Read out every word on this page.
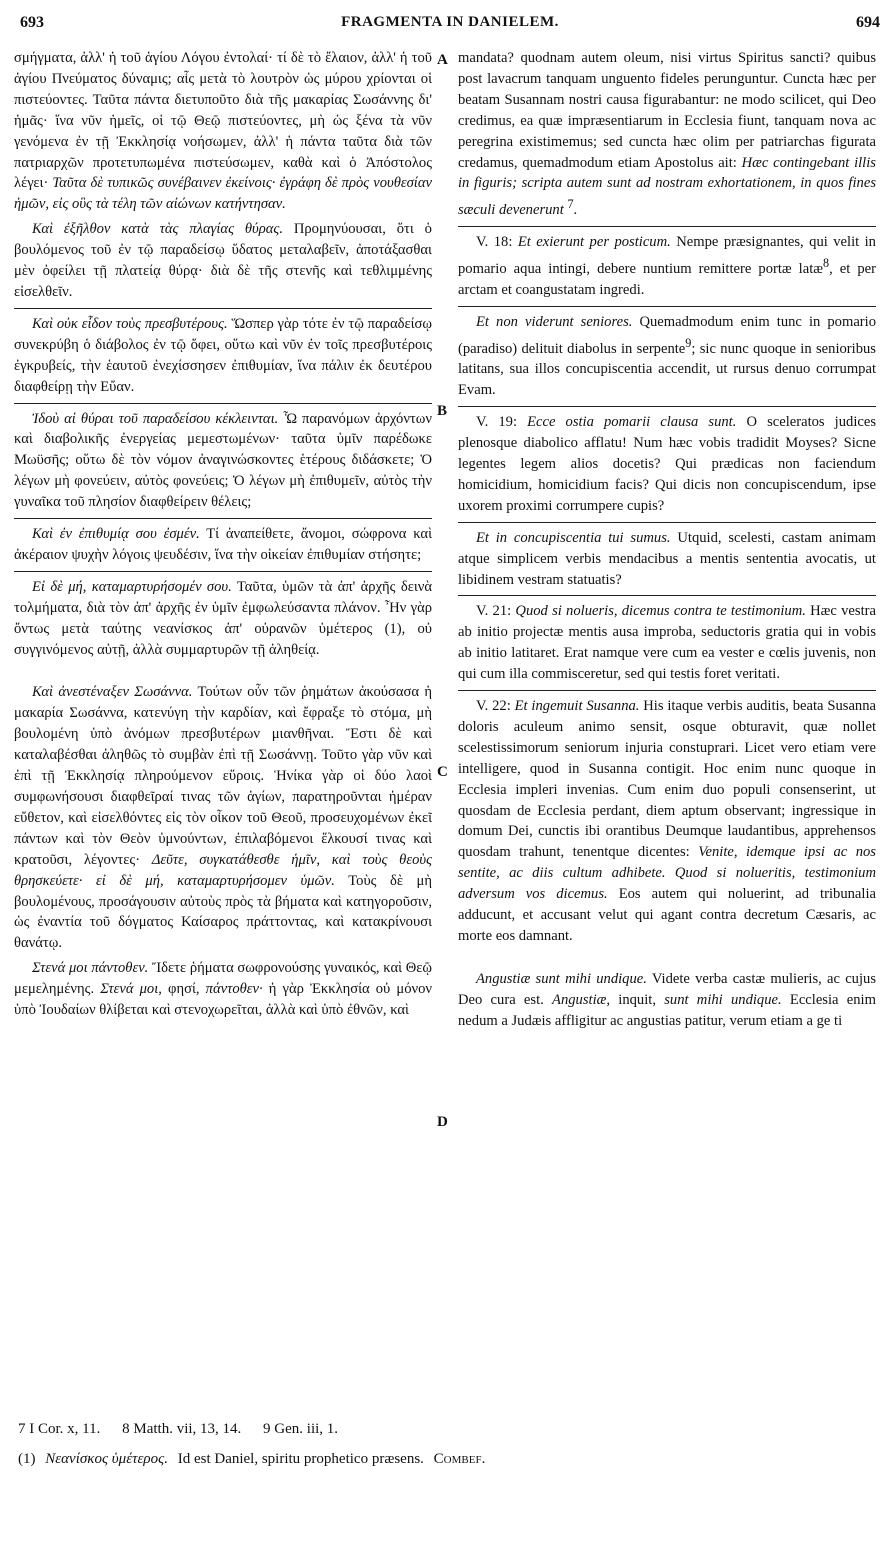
693	FRAGMENTA IN DANIELEM.	694
A
B
C
D

σμήγματα, ἀλλ' ἡ τοῦ ἁγίου Λόγου ἐντολαί· τί δὲ τὸ ἔλαιον, ἀλλ' ἡ τοῦ ἁγίου Πνεύματος δύναμις; αἷς μετὰ τὸ λουτρὸν ὡς μύρου χρίονται οἱ πιστεύοντες. Ταῦτα πάντα διετυποῦτο διὰ τῆς μακαρίας Σωσάννης δι' ἡμᾶς· ἵνα νῦν ἡμεῖς, οἱ τῷ Θεῷ πιστεύοντες, μὴ ὡς ξένα τὰ νῦν γενόμενα ἐν τῇ Ἐκκλησίᾳ νοήσωμεν, ἀλλ' ἡ πάντα ταῦτα διὰ τῶν πατριαρχῶν προτετυπωμένα πιστεύσωμεν, καθὰ καὶ ὁ Ἀπόστολος λέγει· Ταῦτα δὲ τυπικῶς συνέβαινεν ἐκείνοις· ἐγράφη δὲ πρὸς νουθεσίαν ἡμῶν, εἰς οὓς τὰ τέλη τῶν αἰώνων κατήντησαν.

Καὶ ἐξῆλθον κατὰ τὰς πλαγίας θύρας. Προμηνύουσαι, ὅτι ὁ βουλόμενος τοῦ ἐν τῷ παραδείσῳ ὕδατος μεταλαβεῖν, ἀποτάξασθαι μὲν ὀφείλει τῇ πλατείᾳ θύρᾳ· διὰ δὲ τῆς στενῆς καὶ τεθλιμμένης εἰσελθεῖν.

Καὶ οὐκ εἶδον τοὺς πρεσβυτέρους. Ὥσπερ γὰρ τότε ἐν τῷ παραδείσῳ συνεκρύβη ὁ διάβολος ἐν τῷ ὄφει, οὕτω καὶ νῦν ἐν τοῖς πρεσβυτέροις ἐγκρυβείς, τὴν ἑαυτοῦ ἐνεχίσσησεν ἐπιθυμίαν, ἵνα πάλιν ἐκ δευτέρου διαφθείρῃ τὴν Εὔαν.

Ἰδοὺ αἱ θύραι τοῦ παραδείσου κέκλεινται. Ὦ παρανόμων ἀρχόντων καὶ διαβολικῆς ἐνεργείας μεμεστωμένων· ταῦτα ὑμῖν παρέδωκε Μωϋσῆς; οὕτω δὲ τὸν νόμον ἀναγινώσκοντες ἑτέρους διδάσκετε; Ὁ λέγων μὴ φονεύειν, αὐτὸς φονεύεις; Ὁ λέγων μὴ ἐπιθυμεῖν, αὐτὸς τὴν γυναῖκα τοῦ πλησίον διαφθείρειν θέλεις;

Καὶ ἐν ἐπιθυμίᾳ σου ἐσμέν. Τί ἀναπείθετε, ἄνομοι, σώφρονα καὶ ἀκέραιον ψυχὴν λόγοις ψευδέσιν, ἵνα τὴν οἰκείαν ἐπιθυμίαν στήσητε;

Εἰ δὲ μή, καταμαρτυρήσομέν σου. Ταῦτα, ὑμῶν τὰ ἀπ' ἀρχῆς δεινὰ τολμήματα, διὰ τὸν ἀπ' ἀρχῆς ἐν ὑμῖν ἐμφωλεύσαντα πλάνον. Ἦν γὰρ ὄντως μετὰ ταύτης νεανίσκος ἀπ' οὐρανῶν ὑμέτερος (1), οὐ συγγινόμενος αὐτῇ, ἀλλὰ συμμαρτυρῶν τῇ ἀληθείᾳ.

Καὶ ἀνεστέναξεν Σωσάννα. Τούτων οὖν τῶν ῥημάτων ἀκούσασα ἡ μακαρία Σωσάννα, κατενύγη τὴν καρδίαν, καὶ ἔφραξε τὸ στόμα, μὴ βουλομένη ὑπὸ ἀνόμων πρεσβυτέρων μιανθῆναι. Ἔστι δὲ καὶ καταλαβέσθαι ἀληθῶς τὸ συμβὰν ἐπὶ τῇ Σωσάννῃ. Τοῦτο γὰρ νῦν καὶ ἐπὶ τῇ Ἐκκλησίᾳ πληρούμενον εὕροις. Ἡνίκα γὰρ οἱ δύο λαοὶ συμφωνήσουσι διαφθεῖραί τινας τῶν ἁγίων, παρατηροῦνται ἡμέραν εὔθετον, καὶ εἰσελθόντες εἰς τὸν οἶκον τοῦ Θεοῦ, προσευχομένων ἐκεῖ πάντων καὶ τὸν Θεὸν ὑμνούντων, ἐπιλαβόμενοι ἕλκουσί τινας καὶ κρατοῦσι, λέγοντες· Δεῦτε, συγκατάθεσθε ἡμῖν, καὶ τοὺς θεοὺς θρησκεύετε· εἰ δὲ μή, καταμαρτυρήσομεν ὑμῶν. Τοὺς δὲ μὴ βουλομένους, προσάγουσιν αὐτοὺς πρὸς τὰ βήματα καὶ κατηγοροῦσιν, ὡς ἐναντία τοῦ δόγματος Καίσαρος πράττοντας, καὶ κατακρίνουσι θανάτῳ.

Στενά μοι πάντοθεν. Ἴδετε ῥήματα σωφρονούσης γυναικός, καὶ Θεῷ μεμελημένης. Στενά μοι, φησί, πάντοθεν· ἡ γὰρ Ἐκκλησία οὐ μόνον ὑπὸ Ἰουδαίων θλίβεται καὶ στενοχωρεῖται, ἀλλὰ καὶ ὑπὸ ἐθνῶν, καὶ

mandata? quodnam autem oleum, nisi virtus Spiritus sancti? quibus post lavacrum tanquam unguento fideles perunguntur. Cuncta hæc per beatam Susannam nostri causa figurabantur: ne modo scilicet, qui Deo credimus, ea quæ impræsentiarum in Ecclesia fiunt, tanquam nova ac peregrina existimemus; sed cuncta hæc olim per patriarchas figurata credamus, quemadmodum etiam Apostolus ait: Hæc contingebant illis in figuris; scripta autem sunt ad nostram exhortationem, in quos fines sæculi devenerunt $^7$.

V. 18: Et exierunt per posticum. Nempe præsignantes, qui velit in pomario aqua intingi, debere nuntium remittere portæ latæ$^8$, et per arctam et coangustatam ingredi.

Et non viderunt seniores. Quemadmodum enim tunc in pomario (paradiso) delituit diabolus in serpente$^9$; sic nunc quoque in senioribus latitans, sua illos concupiscentia accendit, ut rursus denuo corrumpat Evam.

V. 19: Ecce ostia pomarii clausa sunt. O sceleratos judices plenosque diabolico afflatu! Num hæc vobis tradidit Moyses? Sicne legentes legem alios docetis? Qui prædicas non faciendum homicidium, homicidium facis? Qui dicis non concupiscendum, ipse uxorem proximi corrumpere cupis?

Et in concupiscentia tui sumus. Utquid, scelesti, castam animam atque simplicem verbis mendacibus a mentis sententia avocatis, ut libidinem vestram statuatis?

V. 21: Quod si nolueris, dicemus contra te testimonium. Hæc vestra ab initio projectæ mentis ausa improba, seductoris gratia qui in vobis ab initio latitaret. Erat namque vere cum ea vester e cœlis juvenis, non qui cum illa commisceretur, sed qui testis foret veritati.

V. 22: Et ingemuit Susanna. His itaque verbis auditis, beata Susanna doloris aculeum animo sensit, osque obturavit, quæ nollet scelestissimorum seniorum injuria constuprari. Licet vero etiam vere intelligere, quod in Susanna contigit. Hoc enim nunc quoque in Ecclesia impleri invenias. Cum enim duo populi consenserint, ut quosdam de Ecclesia perdant, diem aptum observant; ingressique in domum Dei, cunctis ibi orantibus Deumque laudantibus, apprehensos quosdam trahunt, tenentque dicentes: Venite, idemque ipsi ac nos sentite, ac diis cultum adhibete. Quod si nolueritis, testimonium adversum vos dicemus. Eos autem qui noluerint, ad tribunalia adducunt, et accusant velut qui agant contra decretum Cæsaris, ac morte eos damnant.

Angustiæ sunt mihi undique. Videte verba castæ mulieris, ac cujus Deo cura est. Angustiæ, inquit, sunt mihi undique. Ecclesia enim nedum a Judæis affligitur ac angustias patitur, verum etiam a ge ti

7 I Cor. x, 11. 8 Matth. vii, 13, 14. 9 Gen. iii, 1.
(1) Νεανίσκος ὑμέτερος. Id est Daniel, spiritu prophetico præsens. Combef.
